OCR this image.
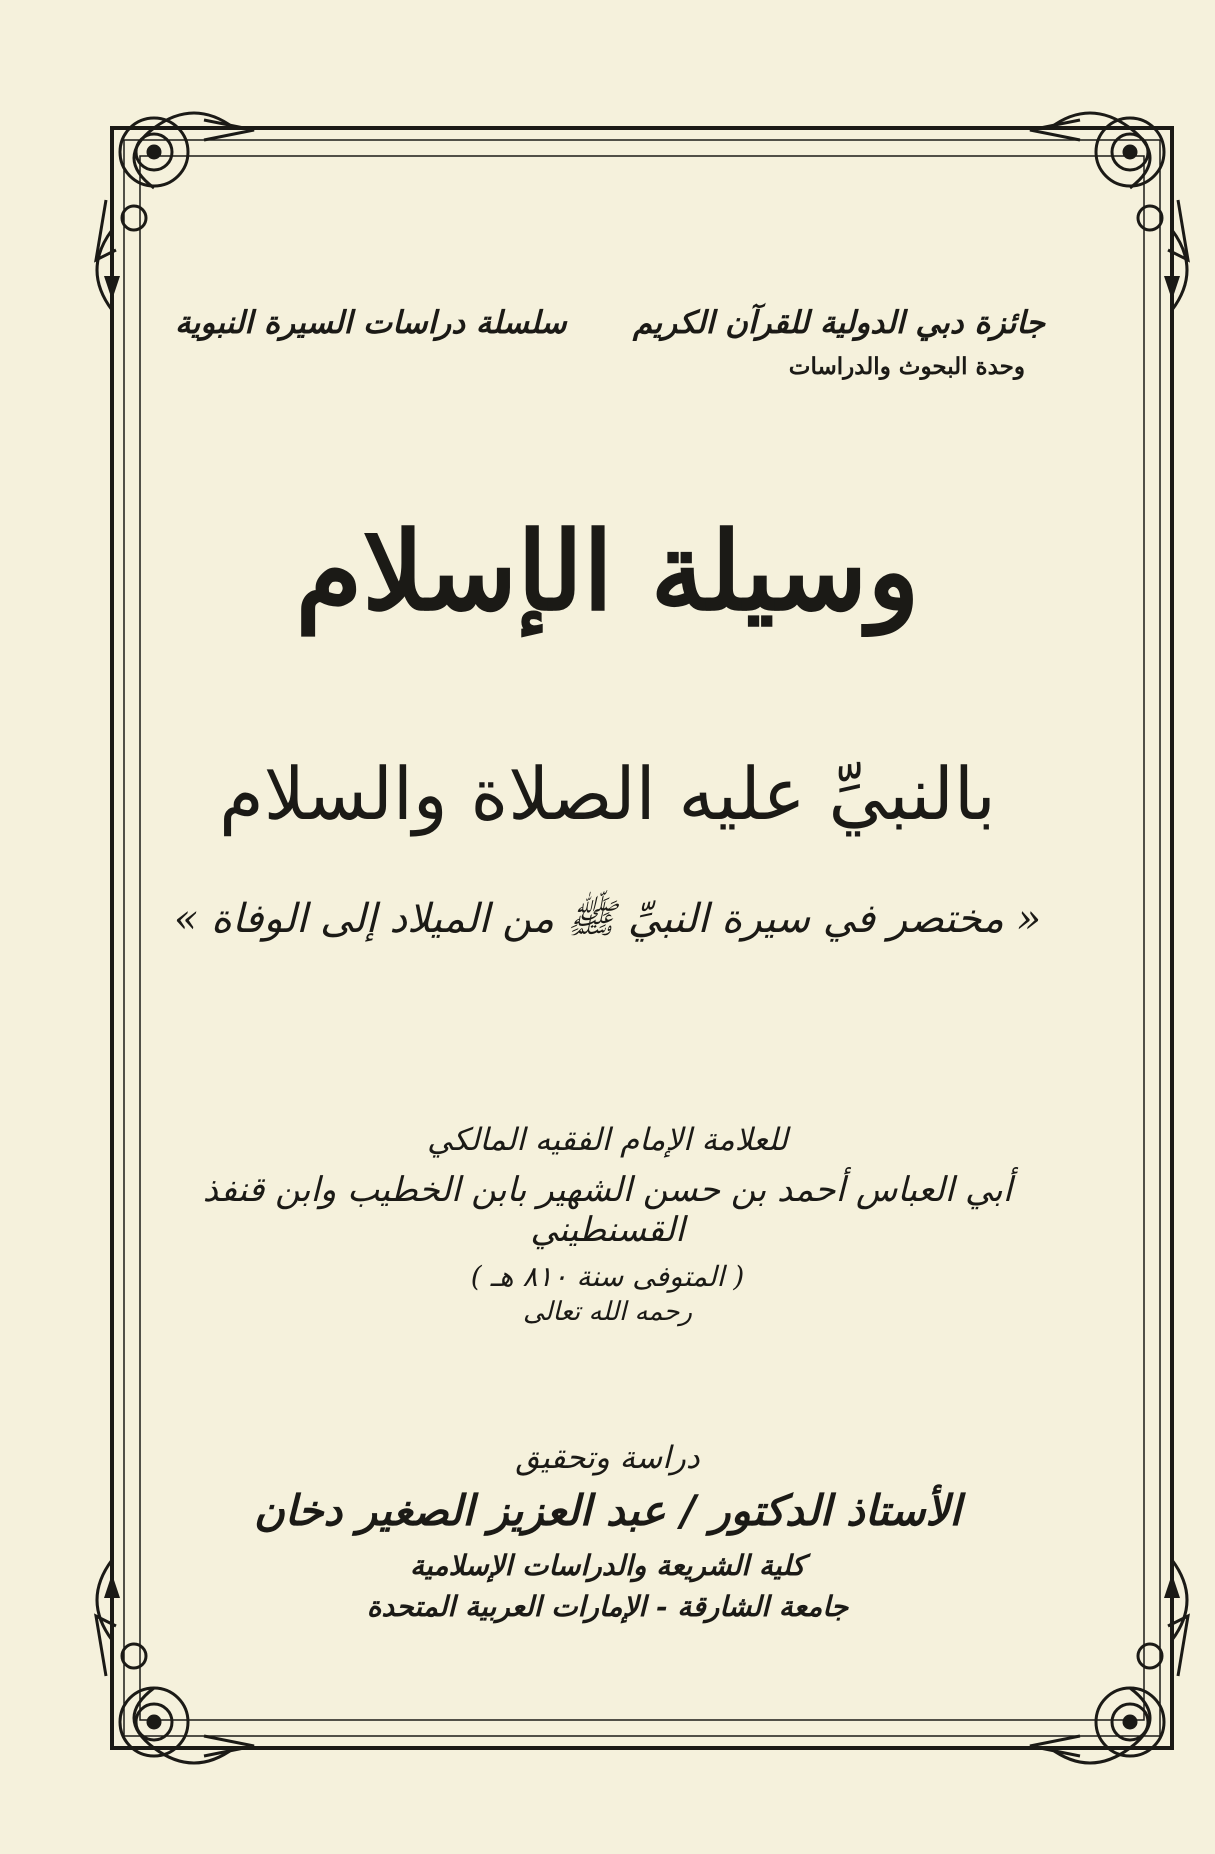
جائزة دبي الدولية للقرآن الكريم
وحدة البحوث والدراسات
سلسلة دراسات السيرة النبوية
وسيلة الإسلام
بالنبيِّ عليه الصلاة والسلام
« مختصر في سيرة النبيِّ ﷺ من الميلاد إلى الوفاة »
للعلامة الإمام الفقيه المالكي
أبي العباس أحمد بن حسن الشهير بابن الخطيب وابن قنفذ القسنطيني
( المتوفى سنة ٨١٠ هـ )
رحمه الله تعالى
دراسة وتحقيق
الأستاذ الدكتور / عبد العزيز الصغير دخان
كلية الشريعة والدراسات الإسلامية
جامعة الشارقة - الإمارات العربية المتحدة
